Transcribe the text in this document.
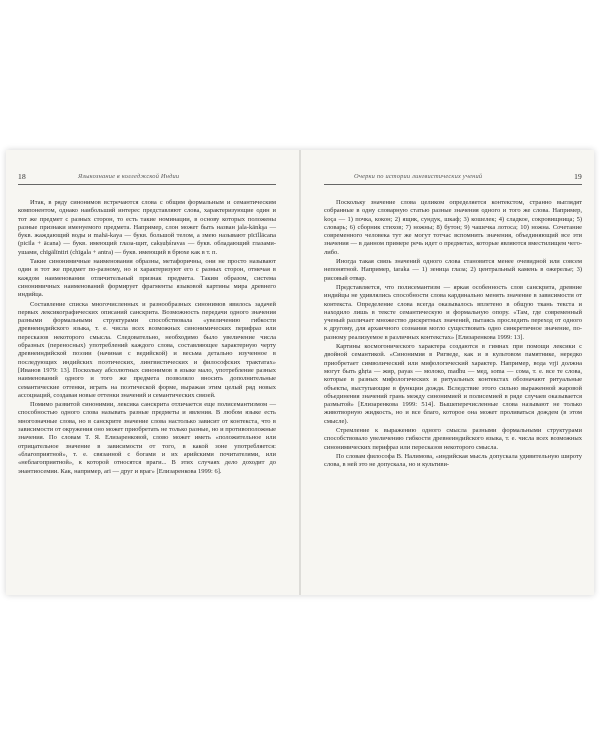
18	Языкознание в колледжской Индии

Итак, в ряду синонимов встречаются слова с общим формальным и семантическим компонентом, однако наибольший интерес представляют слова, характеризующие один и тот же предмет с разных сторон, то есть такие номинации, в основу которых положены разные признаки именуемого предмета. Например, слон может быть назван jala-kānkşa — букв. жаждающий воды и mahā-kaya — букв. большой телом, а змею называют pīcīllācana (picīla + ācana) — букв. имеющий глаза-щит, cakṣuḥśravas — букв. обладающий глазами-ушами, chīgālīntiri (chīgala + antra) — букв. имеющий в брюхе как в т. п.

Такие синонимичные наименования образны, метафоричны, они не просто называют один и тот же предмет по-разному, но и характеризуют его с разных сторон, отмечая в каждом наименовании отличительный признак предмета. Таким образом, система синонимичных наименований формирует фрагменты языковой картины мира древнего индийца.

Составление списка многочисленных и разнообразных синонимов явилось задачей первых лексикографических описаний санскрита. Возможность передачи одного значения разными формальными структурами способствовала «увеличению гибкости древнеиндийского языка, т. е. числа всех возможных синонимических перифраз или пересказов некоторого смысла. Следовательно, необходимо было увеличение числа образных (переносных) употреблений каждого слова, составляющее характерную черту древнеиндийской поэзии (начиная с ведийской) и весьма детально изученное в последующих индийских поэтических, лингвистических и философских трактатах» [Иванов 1979: 13]. Поскольку абсолютных синонимов в языке мало, употребление разных наименований одного и того же предмета позволяло вносить дополнительные семантические оттенки, играть на поэтической форме, выражая этим целый ряд новых ассоциаций, создавая новые оттенки значений и семантических связей.

Помимо развитой синонимии, лексика санскрита отличается еще полисемантизмом — способностью одного слова называть разные предметы и явления. В любом языке есть многозначные слова, но в санскрите значение слова настолько зависит от контекста, что в зависимости от окружения оно может приобретать не только разные, но и противоположные значения. По словам Т. Я. Елизаренковой, слово может иметь «положительное или отрицательное значение в зависимости от того, в какой зоне употребляется: «благоприятной», т. е. связанной с богами и их арийскими почитателями, или «неблагоприятной», к которой относятся враги... В этих случаях дело доходит до энантиосемии. Как, например, ari — друг и враг» [Елизаренкова 1999: 6].

Очерки по истории лингвистических учений	19

Поскольку значение слова целиком определяется контекстом, странно выглядят собранные в одну словарную статью разные значения одного и того же слова. Например, koça — 1) почка, кокон; 2) ящик, сундук, шкаф; 3) кошелек; 4) сладкое, сокровищница; 5) словарь; 6) сборник стихов; 7) ножны; 8) бутон; 9) чашечка лотоса; 10) ножна. Сочетание современного человека тут же могут тотчас вспомнить значения, объединяющий все эти значения — в данном примере речь идет о предметах, которые являются вместилищем чего-либо.

Иногда такая связь значений одного слова становится менее очевидной или совсем непонятной. Например, taraka — 1) зеница глаза; 2) центральный камень в ожерелье; 3) рисовый отвар.

Представляется, что полисемантизм — яркая особенность слов санскрита, древние индийцы не удивлялись способности слова кардинально менять значение в зависимости от контекста. Определение слова всегда оказывалось вплетено в общую ткань текста и находило лишь в тексте семантическую и формальную опору. «Там, где современный ученый различает множество дискретных значений, пытаясь проследить переход от одного к другому, для архаичного сознания могло существовать одно синкретичное значение, по-разному реализуемое в различных контекстах» [Елизаренкова 1999: 13].

Картины космогонического характера создаются в гимнах при помощи лексики с двойной семантикой. «Синонимия в Ригведе, как и в культовом памятнике, нередко приобретает символический или мифологический характер. Например, вода vṛji должна могут быть ghṛta — жир, payas — молоко, madhu — мед, soma — сома, т. е. все те слова, которые в разных мифологических и ритуальных контекстах обозначают ритуальные объекты, выступающие в функции дождя. Вследствие этого сильно выраженной жаровой объединения значений грань между синонимией и полисемией в ряде случаев оказывается размытой» [Елизаренкова 1999: 514]. Вышеперечисленные слова называют не только животворную жидкость, но и все благо, которое она может проливаться дождем (в этом смысле).

Стремление к выражению одного смысла разными формальными структурами способствовало увеличению гибкости древнеиндийского языка, т. е. числа всех возможных синонимических перифраз или пересказов некоторого смысла.

По словам философа В. Налимова, «индийская мысль допускала удивительную широту слова, в ней это не допускала, но и культиви-
